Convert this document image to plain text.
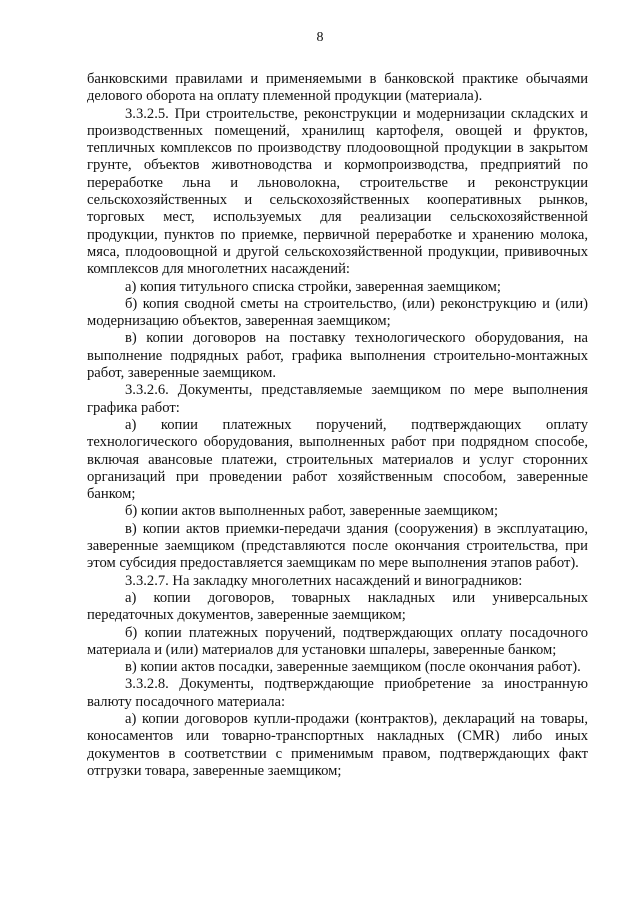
8

банковскими правилами и применяемыми в банковской практике обычаями делового оборота на оплату племенной продукции (материала).

3.3.2.5. При строительстве, реконструкции и модернизации складских и производственных помещений, хранилищ картофеля, овощей и фруктов, тепличных комплексов по производству плодоовощной продукции в закрытом грунте, объектов животноводства и кормопроизводства, предприятий по переработке льна и льноволокна, строительстве и реконструкции сельскохозяйственных и сельскохозяйственных кооперативных рынков, торговых мест, используемых для реализации сельскохозяйственной продукции, пунктов по приемке, первичной переработке и хранению молока, мяса, плодоовощной и другой сельскохозяйственной продукции, прививочных комплексов для многолетних насаждений:

а) копия титульного списка стройки, заверенная заемщиком;

б) копия сводной сметы на строительство, (или) реконструкцию и (или) модернизацию объектов, заверенная заемщиком;

в) копии договоров на поставку технологического оборудования, на выполнение подрядных работ, графика выполнения строительно-монтажных работ, заверенные заемщиком.

3.3.2.6. Документы, представляемые заемщиком по мере выполнения графика работ:

а) копии платежных поручений, подтверждающих оплату технологического оборудования, выполненных работ при подрядном способе, включая авансовые платежи, строительных материалов и услуг сторонних организаций при проведении работ хозяйственным способом, заверенные банком;

б) копии актов выполненных работ, заверенные заемщиком;

в) копии актов приемки-передачи здания (сооружения) в эксплуатацию, заверенные заемщиком (представляются после окончания строительства, при этом субсидия предоставляется заемщикам по мере выполнения этапов работ).

3.3.2.7. На закладку многолетних насаждений и виноградников:

а) копии договоров, товарных накладных или универсальных передаточных документов, заверенные заемщиком;

б) копии платежных поручений, подтверждающих оплату посадочного материала и (или) материалов для установки шпалеры, заверенные банком;

в) копии актов посадки, заверенные заемщиком (после окончания работ).

3.3.2.8. Документы, подтверждающие приобретение за иностранную валюту посадочного материала:

а) копии договоров купли-продажи (контрактов), деклараций на товары, коносаментов или товарно-транспортных накладных (CMR) либо иных документов в соответствии с применимым правом, подтверждающих факт отгрузки товара, заверенные заемщиком;
